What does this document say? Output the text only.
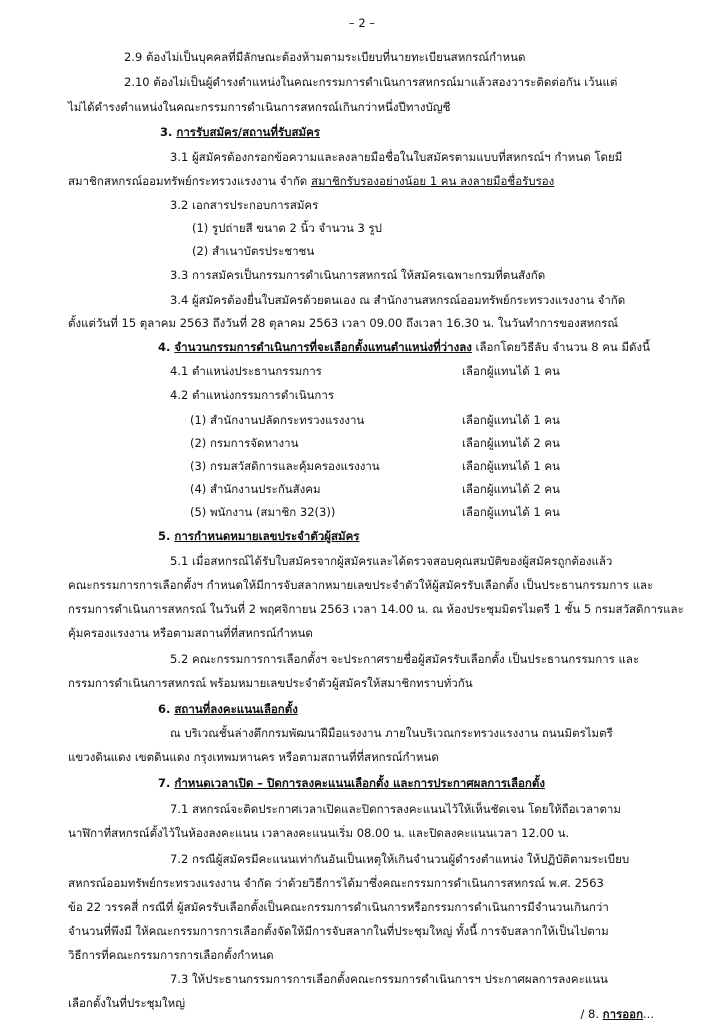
– 2 –
2.9 ต้องไม่เป็นบุคคลที่มีลักษณะต้องห้ามตามระเบียบที่นายทะเบียนสหกรณ์กำหนด
2.10 ต้องไม่เป็นผู้ดำรงตำแหน่งในคณะกรรมการดำเนินการสหกรณ์มาแล้วสองวาระติดต่อกัน เว้นแต่
ไม่ได้ดำรงตำแหน่งในคณะกรรมการดำเนินการสหกรณ์เกินกว่าหนึ่งปีทางบัญชี
3. การรับสมัคร/สถานที่รับสมัคร
3.1 ผู้สมัครต้องกรอกข้อความและลงลายมือชื่อในใบสมัครตามแบบที่สหกรณ์ฯ กำหนด โดยมี
สมาชิกสหกรณ์ออมทรัพย์กระทรวงแรงงาน จำกัด สมาชิกรับรองอย่างน้อย 1 คน ลงลายมือชื่อรับรอง
3.2 เอกสารประกอบการสมัคร
(1) รูปถ่ายสี ขนาด 2 นิ้ว จำนวน 3 รูป
(2) สำเนาบัตรประชาชน
3.3 การสมัครเป็นกรรมการดำเนินการสหกรณ์ ให้สมัครเฉพาะกรมที่ตนสังกัด
3.4 ผู้สมัครต้องยื่นใบสมัครด้วยตนเอง ณ สำนักงานสหกรณ์ออมทรัพย์กระทรวงแรงงาน จำกัด
ตั้งแต่วันที่ 15 ตุลาคม 2563 ถึงวันที่ 28 ตุลาคม 2563 เวลา 09.00 ถึงเวลา 16.30 น. ในวันทำการของสหกรณ์
4. จำนวนกรรมการดำเนินการที่จะเลือกตั้งแทนตำแหน่งที่ว่างลง เลือกโดยวิธีลับ จำนวน 8 คน มีดังนี้
4.1 ตำแหน่งประธานกรรมการ	เลือกผู้แทนได้ 1 คน
4.2 ตำแหน่งกรรมการดำเนินการ
(1) สำนักงานปลัดกระทรวงแรงงาน	เลือกผู้แทนได้ 1 คน
(2) กรมการจัดหางาน	เลือกผู้แทนได้ 2 คน
(3) กรมสวัสดิการและคุ้มครองแรงงาน	เลือกผู้แทนได้ 1 คน
(4) สำนักงานประกันสังคม	เลือกผู้แทนได้ 2 คน
(5) พนักงาน (สมาชิก 32(3))	เลือกผู้แทนได้ 1 คน
5. การกำหนดหมายเลขประจำตัวผู้สมัคร
5.1 เมื่อสหกรณ์ได้รับใบสมัครจากผู้สมัครและได้ตรวจสอบคุณสมบัติของผู้สมัครถูกต้องแล้ว
คณะกรรมการการเลือกตั้งฯ กำหนดให้มีการจับสลากหมายเลขประจำตัวให้ผู้สมัครรับเลือกตั้ง เป็นประธานกรรมการ และ
กรรมการดำเนินการสหกรณ์ ในวันที่ 2 พฤศจิกายน 2563 เวลา 14.00 น. ณ ห้องประชุมมิตรไมตรี 1 ชั้น 5 กรมสวัสดิการและ
คุ้มครองแรงงาน หรือตามสถานที่ที่สหกรณ์กำหนด
5.2 คณะกรรมการการเลือกตั้งฯ จะประกาศรายชื่อผู้สมัครรับเลือกตั้ง เป็นประธานกรรมการ และ
กรรมการดำเนินการสหกรณ์ พร้อมหมายเลขประจำตัวผู้สมัครให้สมาชิกทราบทั่วกัน
6. สถานที่ลงคะแนนเลือกตั้ง
ณ บริเวณชั้นล่างตึกกรมพัฒนาฝีมือแรงงาน ภายในบริเวณกระทรวงแรงงาน ถนนมิตรไมตรี
แขวงดินแดง เขตดินแดง กรุงเทพมหานคร หรือตามสถานที่ที่สหกรณ์กำหนด
7. กำหนดเวลาเปิด – ปิดการลงคะแนนเลือกตั้ง และการประกาศผลการเลือกตั้ง
7.1 สหกรณ์จะติดประกาศเวลาเปิดและปิดการลงคะแนนไว้ให้เห็นชัดเจน โดยให้ถือเวลาตาม
นาฬิกาที่สหกรณ์ตั้งไว้ในห้องลงคะแนน เวลาลงคะแนนเริ่ม 08.00 น. และปิดลงคะแนนเวลา 12.00 น.
7.2 กรณีผู้สมัครมีคะแนนเท่ากันอันเป็นเหตุให้เกินจำนวนผู้ดำรงตำแหน่ง ให้ปฏิบัติตามระเบียบ
สหกรณ์ออมทรัพย์กระทรวงแรงงาน จำกัด ว่าด้วยวิธีการได้มาซึ่งคณะกรรมการดำเนินการสหกรณ์ พ.ศ. 2563
ข้อ 22 วรรคสี่ กรณีที่ ผู้สมัครรับเลือกตั้งเป็นคณะกรรมการดำเนินการหรือกรรมการดำเนินการมีจำนวนเกินกว่า
จำนวนที่พึงมี ให้คณะกรรมการการเลือกตั้งจัดให้มีการจับสลากในที่ประชุมใหญ่ ทั้งนี้ การจับสลากให้เป็นไปตาม
วิธีการที่คณะกรรมการการเลือกตั้งกำหนด
7.3 ให้ประธานกรรมการการเลือกตั้งคณะกรรมการดำเนินการฯ ประกาศผลการลงคะแนน
เลือกตั้งในที่ประชุมใหญ่
/ 8. การออก...
